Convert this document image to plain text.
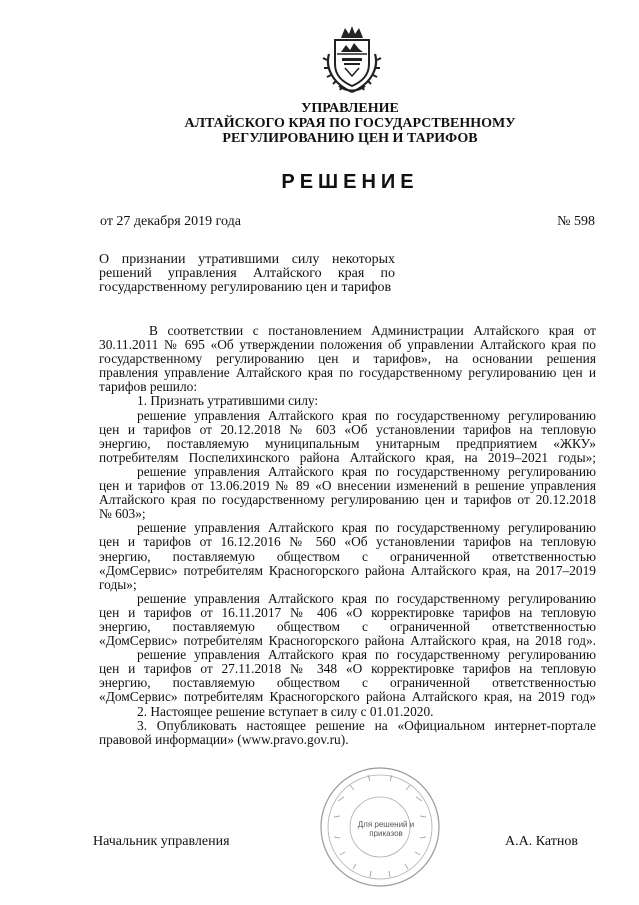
УПРАВЛЕНИЕ
АЛТАЙСКОГО КРАЯ ПО ГОСУДАРСТВЕННОМУ
РЕГУЛИРОВАНИЮ ЦЕН И ТАРИФОВ
РЕШЕНИЕ
от 27 декабря 2019 года	№ 598
О признании утратившими силу некоторых
решений управления Алтайского края по
государственному регулированию цен и тарифов
В соответствии с постановлением Администрации Алтайского края от
30.11.2011 № 695 «Об утверждении положения об управлении Алтайского края по
государственному регулированию цен и тарифов», на основании решения
правления управление Алтайского края по государственному регулированию цен и
тарифов решило:
1. Признать утратившими силу:
решение управления Алтайского края по государственному регулированию
цен и тарифов от 20.12.2018 № 603 «Об установлении тарифов на тепловую
энергию, поставляемую муниципальным унитарным предприятием «ЖКУ»
потребителям Поспелихинского района Алтайского края, на 2019–2021 годы»;
решение управления Алтайского края по государственному регулированию
цен и тарифов от 13.06.2019 № 89 «О внесении изменений в решение управления
Алтайского края по государственному регулированию цен и тарифов от 20.12.2018
№ 603»;
решение управления Алтайского края по государственному регулированию
цен и тарифов от 16.12.2016 № 560 «Об установлении тарифов на тепловую
энергию, поставляемую обществом с ограниченной ответственностью
«ДомСервис» потребителям Красногорского района Алтайского края, на 2017–2019
годы»;
решение управления Алтайского края по государственному регулированию
цен и тарифов от 16.11.2017 № 406 «О корректировке тарифов на тепловую
энергию, поставляемую обществом с ограниченной ответственностью
«ДомСервис» потребителям Красногорского района Алтайского края, на 2018 год».
решение управления Алтайского края по государственному регулированию
цен и тарифов от 27.11.2018 № 348 «О корректировке тарифов на тепловую
энергию, поставляемую обществом с ограниченной ответственностью
«ДомСервис» потребителям Красногорского района Алтайского края, на 2019 год»
2. Настоящее решение вступает в силу с 01.01.2020.
3. Опубликовать настоящее решение на «Официальном интернет-портале
правовой информации» (www.pravo.gov.ru).
Для решений и приказов
Начальник управления	А.А. Катнов
